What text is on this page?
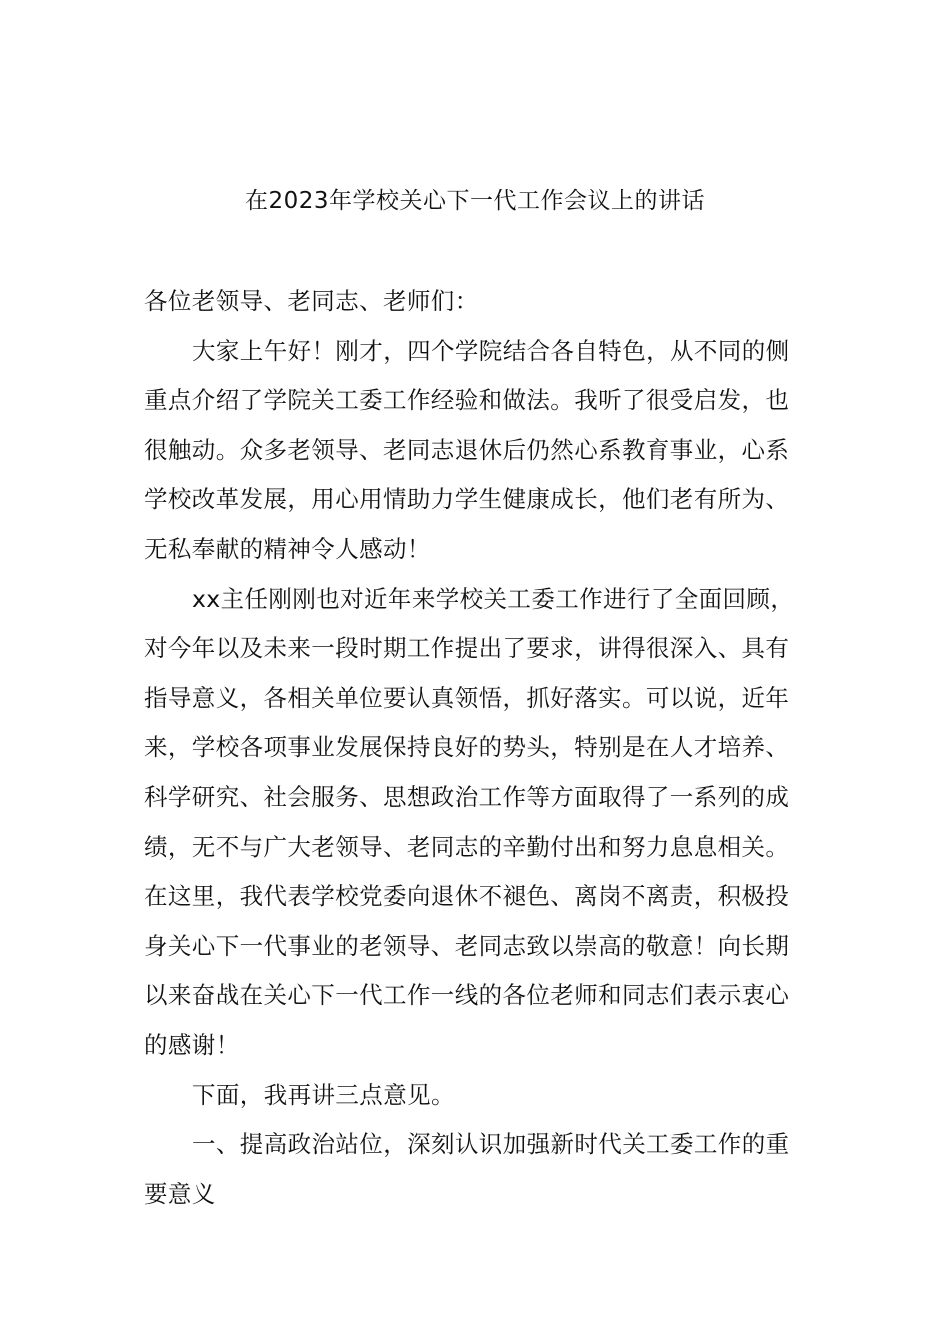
在2023年学校关心下一代工作会议上的讲话
各位老领导、老同志、老师们：
大家上午好！刚才，四个学院结合各自特色，从不同的侧
重点介绍了学院关工委工作经验和做法。我听了很受启发，也
很触动。众多老领导、老同志退休后仍然心系教育事业，心系
学校改革发展，用心用情助力学生健康成长，他们老有所为、
无私奉献的精神令人感动！
xx主任刚刚也对近年来学校关工委工作进行了全面回顾，
对今年以及未来一段时期工作提出了要求，讲得很深入、具有
指导意义，各相关单位要认真领悟，抓好落实。可以说，近年
来，学校各项事业发展保持良好的势头，特别是在人才培养、
科学研究、社会服务、思想政治工作等方面取得了一系列的成
绩，无不与广大老领导、老同志的辛勤付出和努力息息相关。
在这里，我代表学校党委向退休不褪色、离岗不离责，积极投
身关心下一代事业的老领导、老同志致以崇高的敬意！向长期
以来奋战在关心下一代工作一线的各位老师和同志们表示衷心
的感谢！
下面，我再讲三点意见。
一、提高政治站位，深刻认识加强新时代关工委工作的重
要意义
